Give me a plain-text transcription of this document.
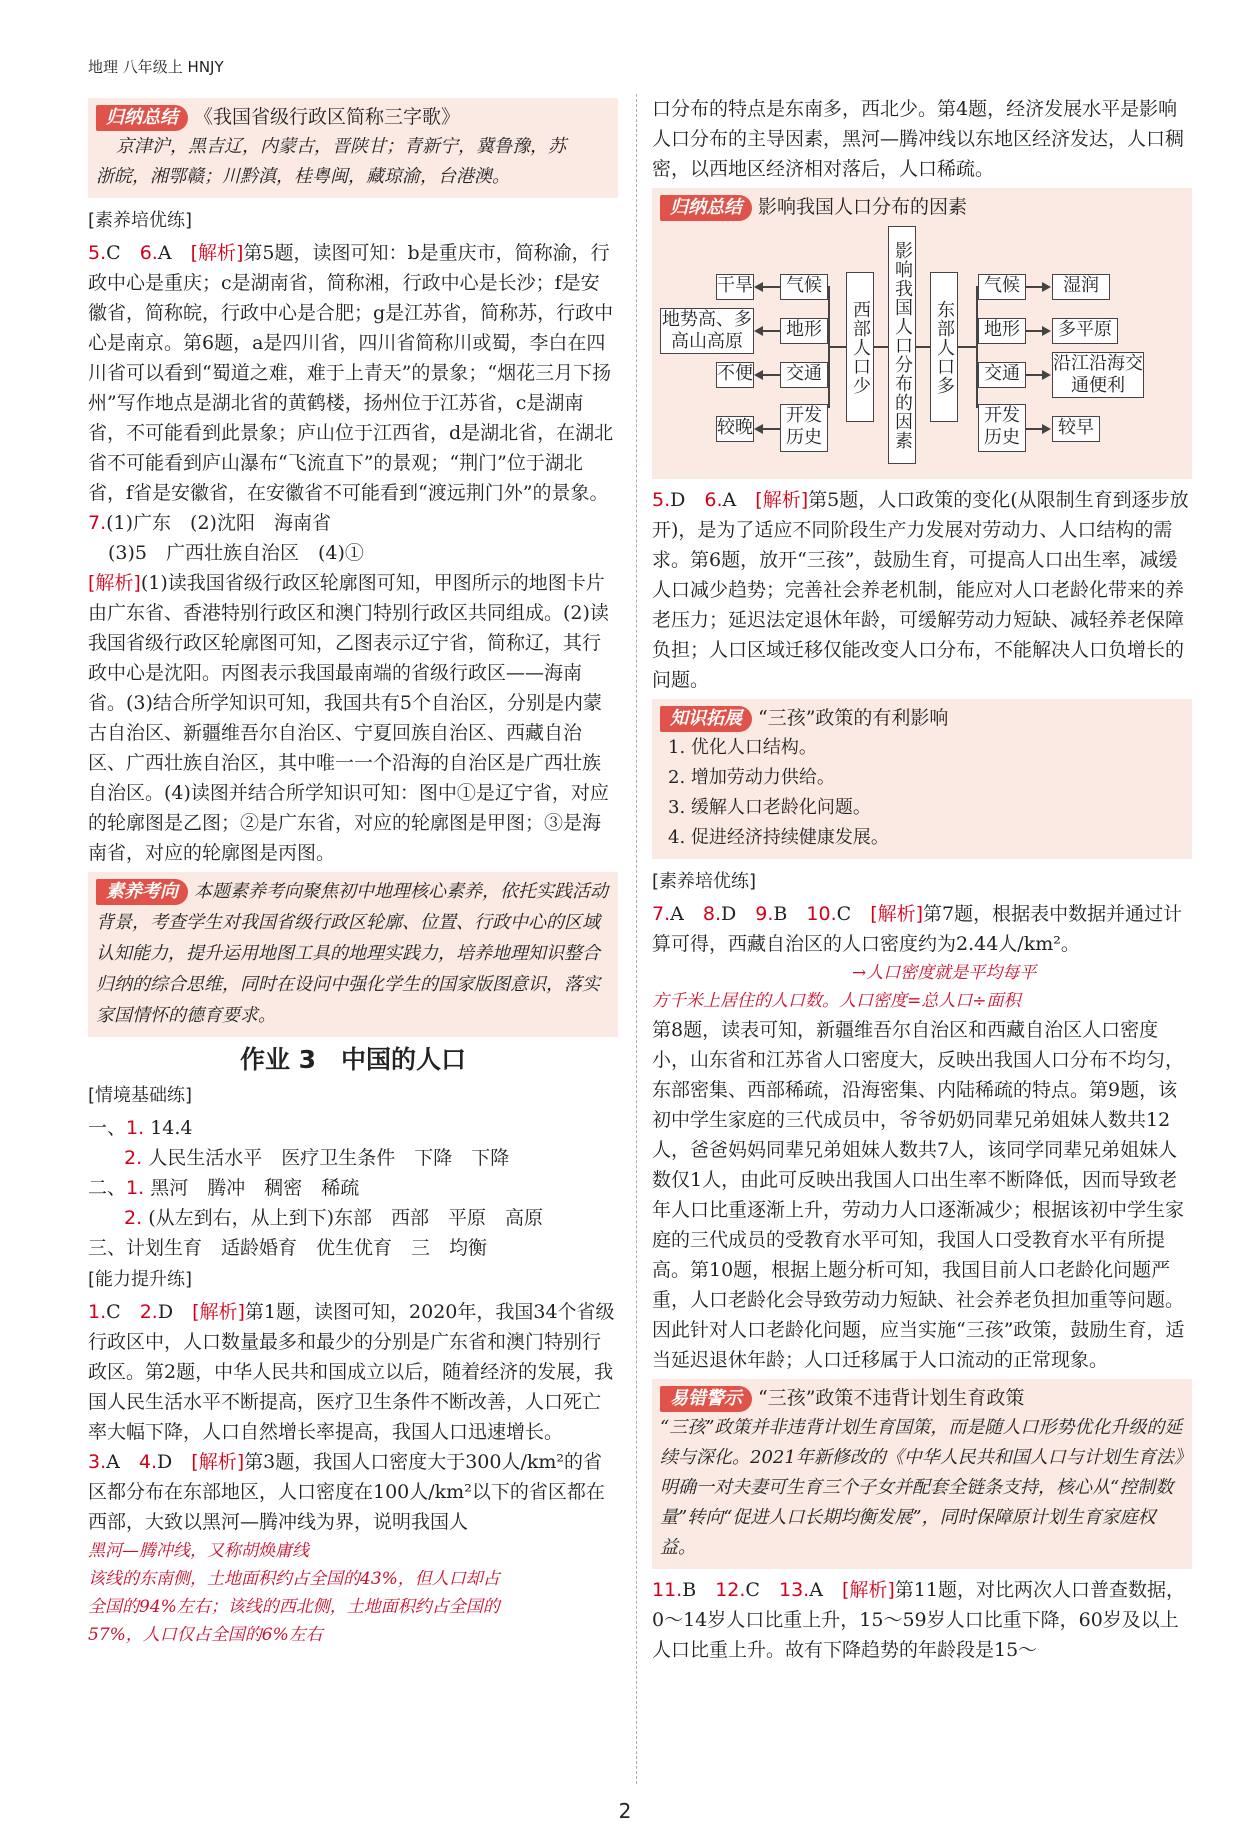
地理 八年级上 HNJY
归纳总结 《我国省级行政区简称三字歌》

京津沪，黑吉辽，内蒙古，晋陕甘；青新宁，冀鲁豫，苏

浙皖，湘鄂赣；川黔滇，桂粤闽，藏琼渝，台港澳。

[素养培优练]

5.C　 6.A　 [解析]第5题，读图可知：b是重庆市，简称渝，行政中心是重庆；c是湖南省，简称湘，行政中心是长沙；f是安徽省，简称皖，行政中心是合肥；g是江苏省，简称苏，行政中心是南京。第6题，a是四川省，四川省简称川或蜀，李白在四川省可以看到“蜀道之难，难于上青天”的景象；“烟花三月下扬州”写作地点是湖北省的黄鹤楼，扬州位于江苏省，c是湖南省，不可能看到此景象；庐山位于江西省，d是湖北省，在湖北省不可能看到庐山瀑布“飞流直下”的景观；“荆门”位于湖北省，f省是安徽省，在安徽省不可能看到“渡远荆门外”的景象。

7.(1)广东　(2)沈阳　海南省

(3)5　广西壮族自治区　(4)①

[解析](1)读我国省级行政区轮廓图可知，甲图所示的地图卡片由广东省、香港特别行政区和澳门特别行政区共同组成。(2)读我国省级行政区轮廓图可知，乙图表示辽宁省，简称辽，其行政中心是沈阳。丙图表示我国最南端的省级行政区——海南省。(3)结合所学知识可知，我国共有5个自治区，分别是内蒙古自治区、新疆维吾尔自治区、宁夏回族自治区、西藏自治区、广西壮族自治区，其中唯一一个沿海的自治区是广西壮族自治区。(4)读图并结合所学知识可知：图中①是辽宁省，对应的轮廓图是乙图；②是广东省，对应的轮廓图是甲图；③是海南省，对应的轮廓图是丙图。

素养考向 本题素养考向聚焦初中地理核心素养，依托实践活动背景，考查学生对我国省级行政区轮廓、位置、行政中心的区域认知能力，提升运用地图工具的地理实践力，培养地理知识整合归纳的综合思维，同时在设问中强化学生的国家版图意识，落实家国情怀的德育要求。
作业 3　中国的人口
[情境基础练]

一、1. 14.4

2. 人民生活水平　医疗卫生条件　下降　下降

二、1. 黑河　腾冲　稠密　稀疏

2. (从左到右，从上到下)东部　西部　平原　高原

三、计划生育　适龄婚育　优生优育　三　均衡

[能力提升练]

1.C　 2.D　 [解析]第1题，读图可知，2020年，我国34个省级行政区中，人口数量最多和最少的分别是广东省和澳门特别行政区。第2题，中华人民共和国成立以后，随着经济的发展，我国人民生活水平不断提高，医疗卫生条件不断改善，人口死亡率大幅下降，人口自然增长率提高，我国人口迅速增长。

3.A　 4.D　 [解析]第3题，我国人口密度大于300人/km²的省区都分布在东部地区，人口密度在100人/km²以下的省区都在西部，大致以黑河—腾冲线为界，说明我国人

黑河—腾冲线，又称胡焕庸线

该线的东南侧，土地面积约占全国的43%，但人口却占

全国的94%左右；该线的西北侧，土地面积约占全国的

57%，人口仅占全国的6%左右

口分布的特点是东南多，西北少。第4题，经济发展水平是影响人口分布的主导因素，黑河—腾冲线以东地区经济发达，人口稠密，以西地区经济相对落后，人口稀疏。

归纳总结 影响我国人口分布的因素
影响我国人口分布的因素
西部人口少	东部人口多
气候
地形
交通
开发历史
干旱
地势高、多高山高原
不便
较晚
气候
地形
交通
开发历史
湿润
多平原
沿江沿海交通便利
较早

5.D　 6.A　 [解析]第5题，人口政策的变化(从限制生育到逐步放开)，是为了适应不同阶段生产力发展对劳动力、人口结构的需求。第6题，放开“三孩”，鼓励生育，可提高人口出生率，减缓人口减少趋势；完善社会养老机制，能应对人口老龄化带来的养老压力；延迟法定退休年龄，可缓解劳动力短缺、减轻养老保障负担；人口区域迁移仅能改变人口分布，不能解决人口负增长的问题。

知识拓展 “三孩”政策的有利影响

1. 优化人口结构。

2. 增加劳动力供给。

3. 缓解人口老龄化问题。

4. 促进经济持续健康发展。

[素养培优练]

7.A　 8.D　 9.B　 10.C　 [解析]第7题，根据表中数据并通过计算可得，西藏自治区的人口密度约为2.44人/km²。

→人口密度就是平均每平

方千米上居住的人口数。人口密度=总人口÷面积

第8题，读表可知，新疆维吾尔自治区和西藏自治区人口密度小，山东省和江苏省人口密度大，反映出我国人口分布不均匀，东部密集、西部稀疏，沿海密集、内陆稀疏的特点。第9题，该初中学生家庭的三代成员中，爷爷奶奶同辈兄弟姐妹人数共12人，爸爸妈妈同辈兄弟姐妹人数共7人，该同学同辈兄弟姐妹人数仅1人，由此可反映出我国人口出生率不断降低，因而导致老年人口比重逐渐上升，劳动力人口逐渐减少；根据该初中学生家庭的三代成员的受教育水平可知，我国人口受教育水平有所提高。第10题，根据上题分析可知，我国目前人口老龄化问题严重，人口老龄化会导致劳动力短缺、社会养老负担加重等问题。因此针对人口老龄化问题，应当实施“三孩”政策，鼓励生育，适当延迟退休年龄；人口迁移属于人口流动的正常现象。

易错警示 “三孩”政策不违背计划生育政策

“三孩”政策并非违背计划生育国策，而是随人口形势优化升级的延续与深化。2021年新修改的《中华人民共和国人口与计划生育法》明确一对夫妻可生育三个子女并配套全链条支持，核心从“控制数量”转向“促进人口长期均衡发展”，同时保障原计划生育家庭权益。

11.B　 12.C　 13.A　 [解析]第11题，对比两次人口普查数据，0～14岁人口比重上升，15～59岁人口比重下降，60岁及以上人口比重上升。故有下降趋势的年龄段是15～

2
